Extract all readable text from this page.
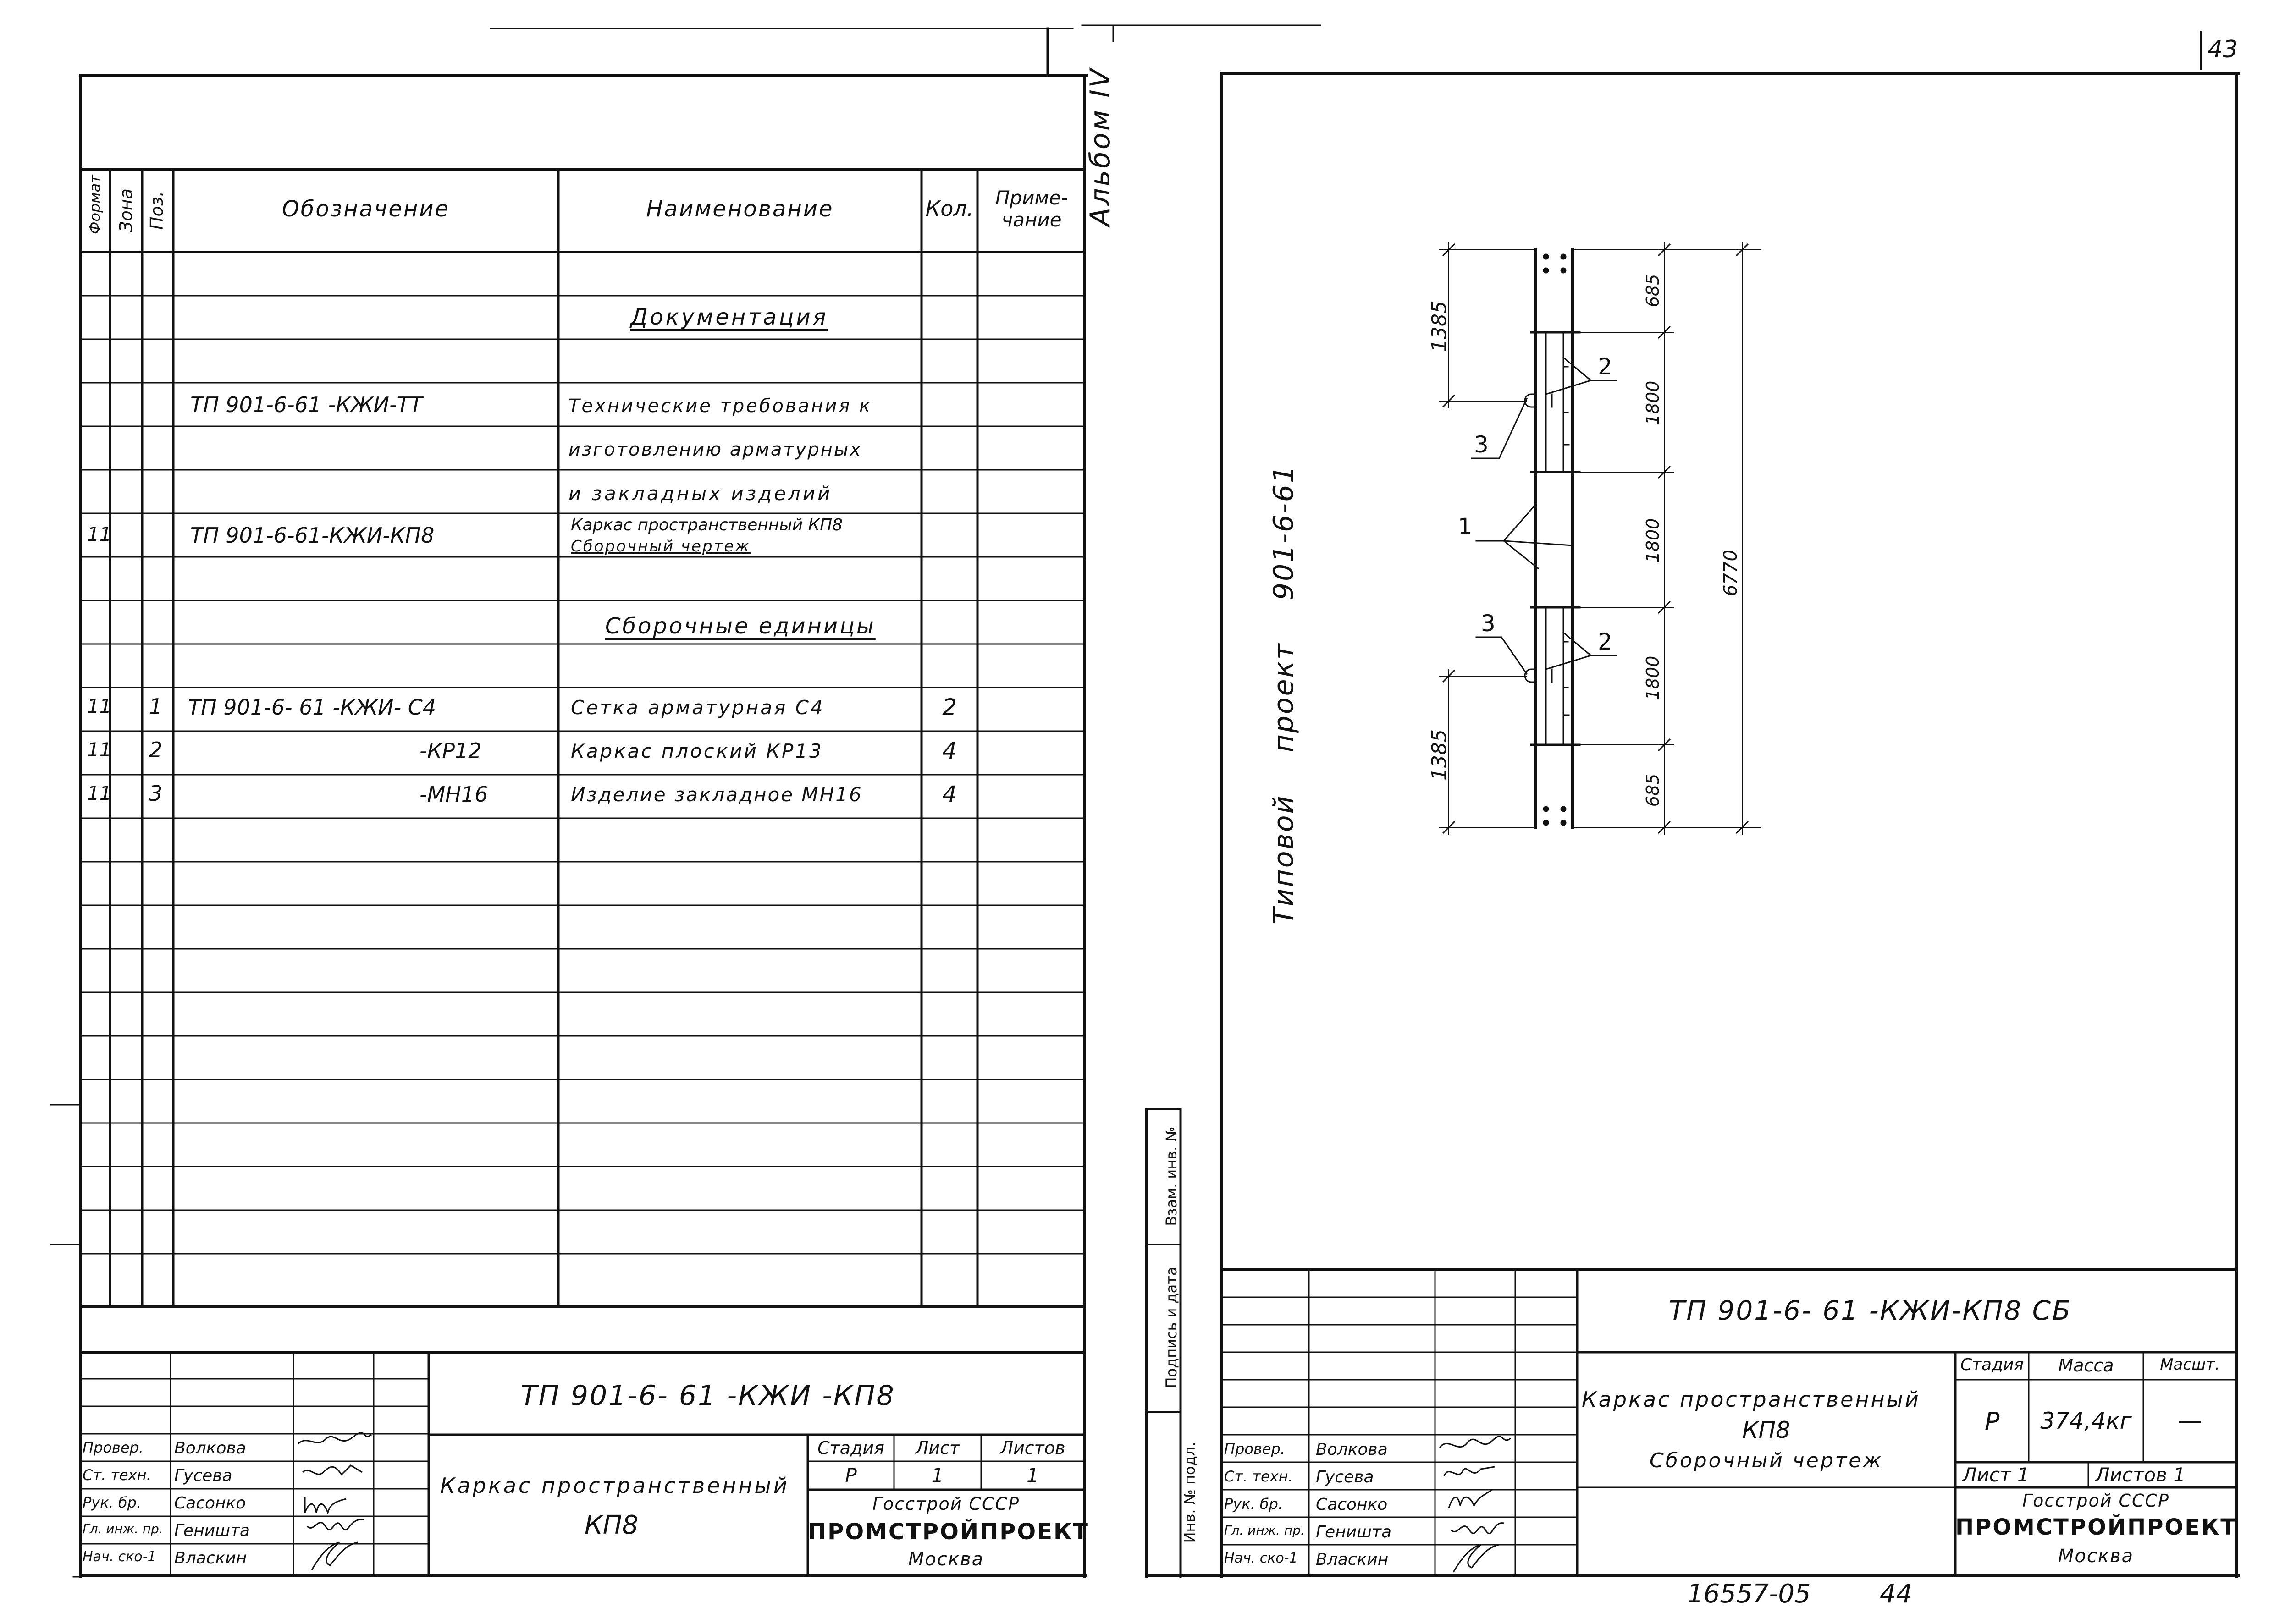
43
16557-05	44
Формат Зона Поз.	Обозначение	Наименование	Кол.	Приме- чание
Документация
Сборочные единицы
ТП 901-6-61 -КЖИ-ТТ	Технические требования к
изготовлению арматурных
и закладных изделий
11	ТП 901-6-61-КЖИ-КП8	Каркас пространственный КП8
Сборочный чертеж
11 1 ТП 901-6- 61 -КЖИ- С4	Сетка арматурная С4	2
11 2	-КР12	Каркас плоский КР13	4
11 3	-МН16	Изделие закладное МН16	4
ТП 901-6- 61 -КЖИ -КП8
Каркас пространственный
КП8
Стадия	Лист	Листов
Р	1	1
Госстрой СССР
ПРОМСТРОЙПРОЕКТ
Москва
Провер. Волкова
Ст. техн. Гусева
Рук. бр. Сасонко
Гл. инж. пр. Геништа
Нач. ско-1 Власкин
Альбом IV
Типовой проект 901-6-61
Инв. № подл.
Подпись и дата
Взам. инв. №
1385
1385
685
1800
1800
1800
685
6770
1
2
2
3
3
ТП 901-6- 61 -КЖИ-КП8 СБ
Каркас пространственный
КП8
Сборочный чертеж
Стадия	Масса	Масшт.
Р	374,4кг	—
Лист 1	Листов 1
Госстрой СССР
ПРОМСТРОЙПРОЕКТ
Москва
Провер. Волкова
Ст. техн. Гусева
Рук. бр. Сасонко
Гл. инж. пр. Геништа
Нач. ско-1 Власкин
